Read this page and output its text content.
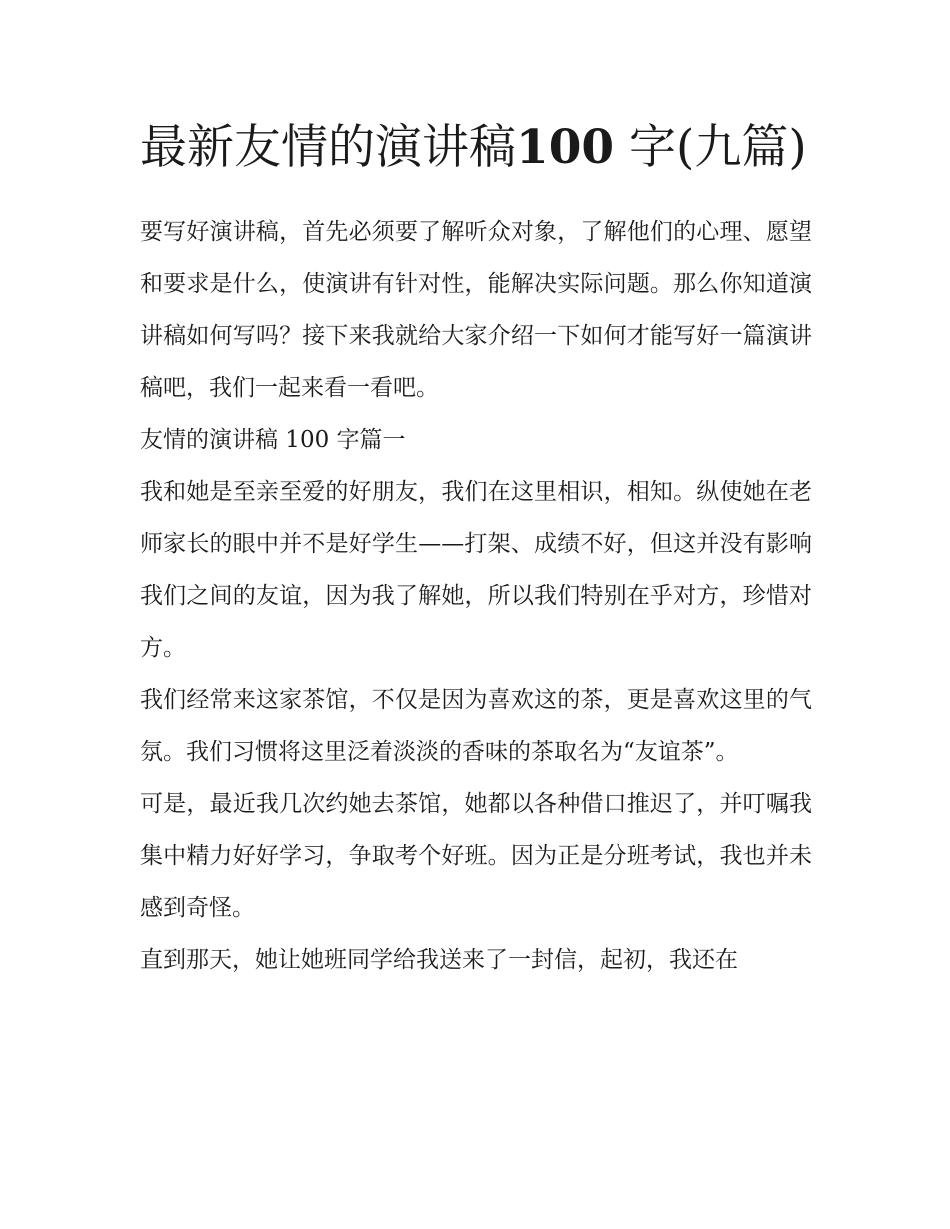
最新友情的演讲稿100 字(九篇)

要写好演讲稿，首先必须要了解听众对象，了解他们的心理、愿望和要求是什么，使演讲有针对性，能解决实际问题。那么你知道演讲稿如何写吗？接下来我就给大家介绍一下如何才能写好一篇演讲稿吧，我们一起来看一看吧。

友情的演讲稿 100 字篇一

我和她是至亲至爱的好朋友，我们在这里相识，相知。纵使她在老师家长的眼中并不是好学生——打架、成绩不好，但这并没有影响我们之间的友谊，因为我了解她，所以我们特别在乎对方，珍惜对方。

我们经常来这家茶馆，不仅是因为喜欢这的茶，更是喜欢这里的气氛。我们习惯将这里泛着淡淡的香味的茶取名为“友谊茶”。

可是，最近我几次约她去茶馆，她都以各种借口推迟了，并叮嘱我集中精力好好学习，争取考个好班。因为正是分班考试，我也并未感到奇怪。

直到那天，她让她班同学给我送来了一封信，起初，我还在
